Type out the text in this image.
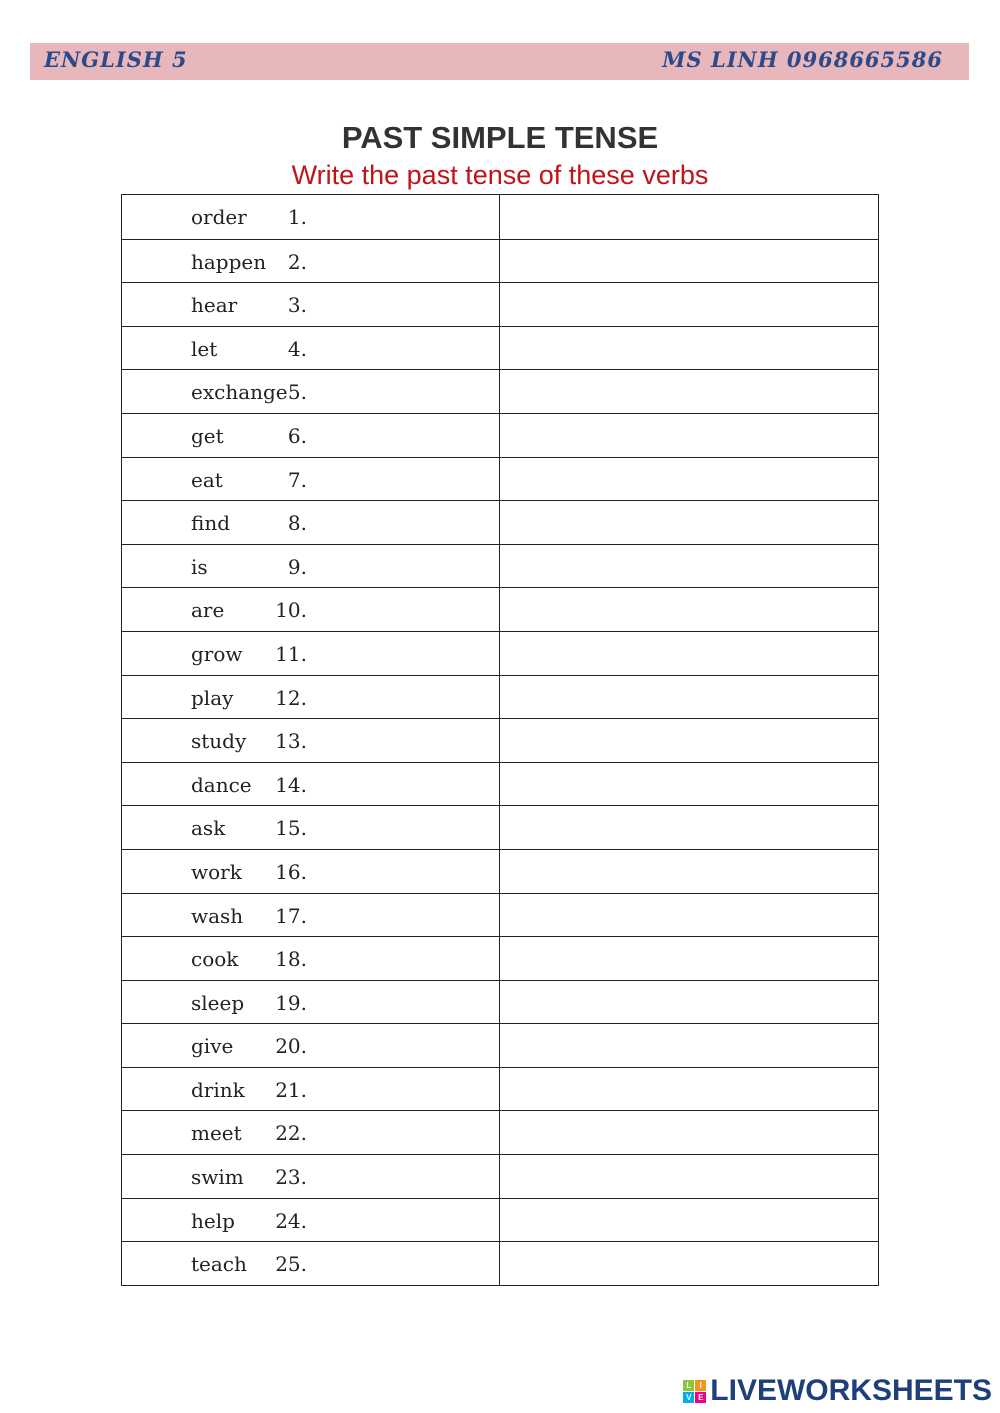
ENGLISH 5	MS LINH 0968665586
PAST SIMPLE TENSE
Write the past tense of these verbs
1.
order
2.
happen
3.
hear
4.
let
5.
exchange
6.
get
7.
eat
8.
find
9.
is
10.
are
11.
grow
12.
play
13.
study
14.
dance
15.
ask
16.
work
17.
wash
18.
cook
19.
sleep
20.
give
21.
drink
22.
meet
23.
swim
24.
help
25.
teach
L	I
V E LIVEWORKSHEETS
